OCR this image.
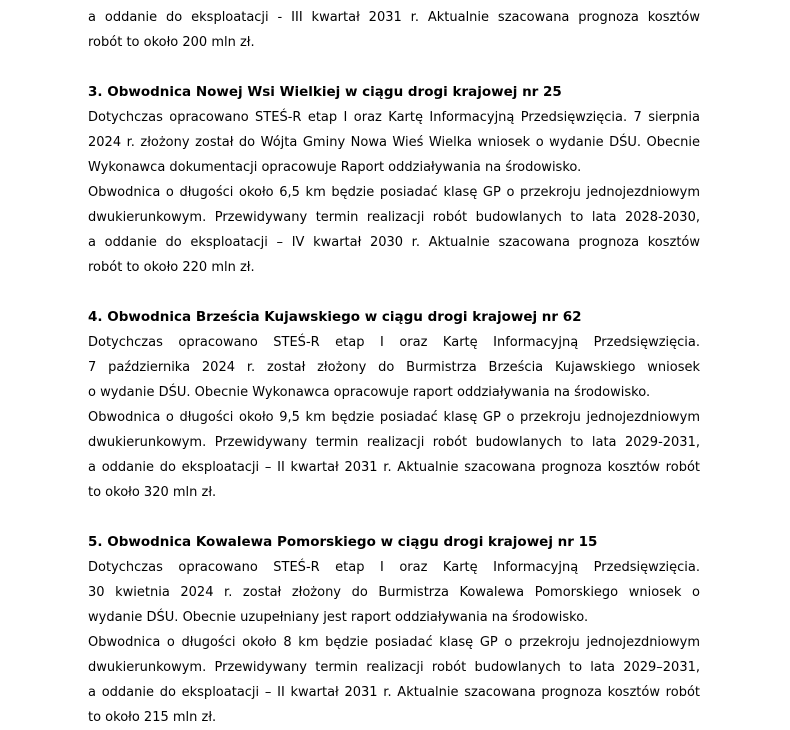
a oddanie do eksploatacji - III kwartał 2031 r. Aktualnie szacowana prognoza kosztów
robót to około 200 mln zł.
3. Obwodnica Nowej Wsi Wielkiej w ciągu drogi krajowej nr 25
Dotychczas opracowano STEŚ-R etap I oraz Kartę Informacyjną Przedsięwzięcia. 7 sierpnia
2024 r. złożony został do Wójta Gminy Nowa Wieś Wielka wniosek o wydanie DŚU. Obecnie
Wykonawca dokumentacji opracowuje Raport oddziaływania na środowisko.
Obwodnica o długości około 6,5 km będzie posiadać klasę GP o przekroju jednojezdniowym
dwukierunkowym. Przewidywany termin realizacji robót budowlanych to lata 2028-2030,
a oddanie do eksploatacji – IV kwartał 2030 r. Aktualnie szacowana prognoza kosztów
robót to około 220 mln zł.
4. Obwodnica Brześcia Kujawskiego w ciągu drogi krajowej nr 62
Dotychczas opracowano STEŚ-R etap I oraz Kartę Informacyjną Przedsięwzięcia.
7 października 2024 r. został złożony do Burmistrza Brześcia Kujawskiego wniosek
o wydanie DŚU. Obecnie Wykonawca opracowuje raport oddziaływania na środowisko.
Obwodnica o długości około 9,5 km będzie posiadać klasę GP o przekroju jednojezdniowym
dwukierunkowym. Przewidywany termin realizacji robót budowlanych to lata 2029-2031,
a oddanie do eksploatacji – II kwartał 2031 r. Aktualnie szacowana prognoza kosztów robót
to około 320 mln zł.
5. Obwodnica Kowalewa Pomorskiego w ciągu drogi krajowej nr 15
Dotychczas opracowano STEŚ-R etap I oraz Kartę Informacyjną Przedsięwzięcia.
30 kwietnia 2024 r. został złożony do Burmistrza Kowalewa Pomorskiego wniosek o
wydanie DŚU. Obecnie uzupełniany jest raport oddziaływania na środowisko.
Obwodnica o długości około 8 km będzie posiadać klasę GP o przekroju jednojezdniowym
dwukierunkowym. Przewidywany termin realizacji robót budowlanych to lata 2029–2031,
a oddanie do eksploatacji – II kwartał 2031 r. Aktualnie szacowana prognoza kosztów robót
to około 215 mln zł.
